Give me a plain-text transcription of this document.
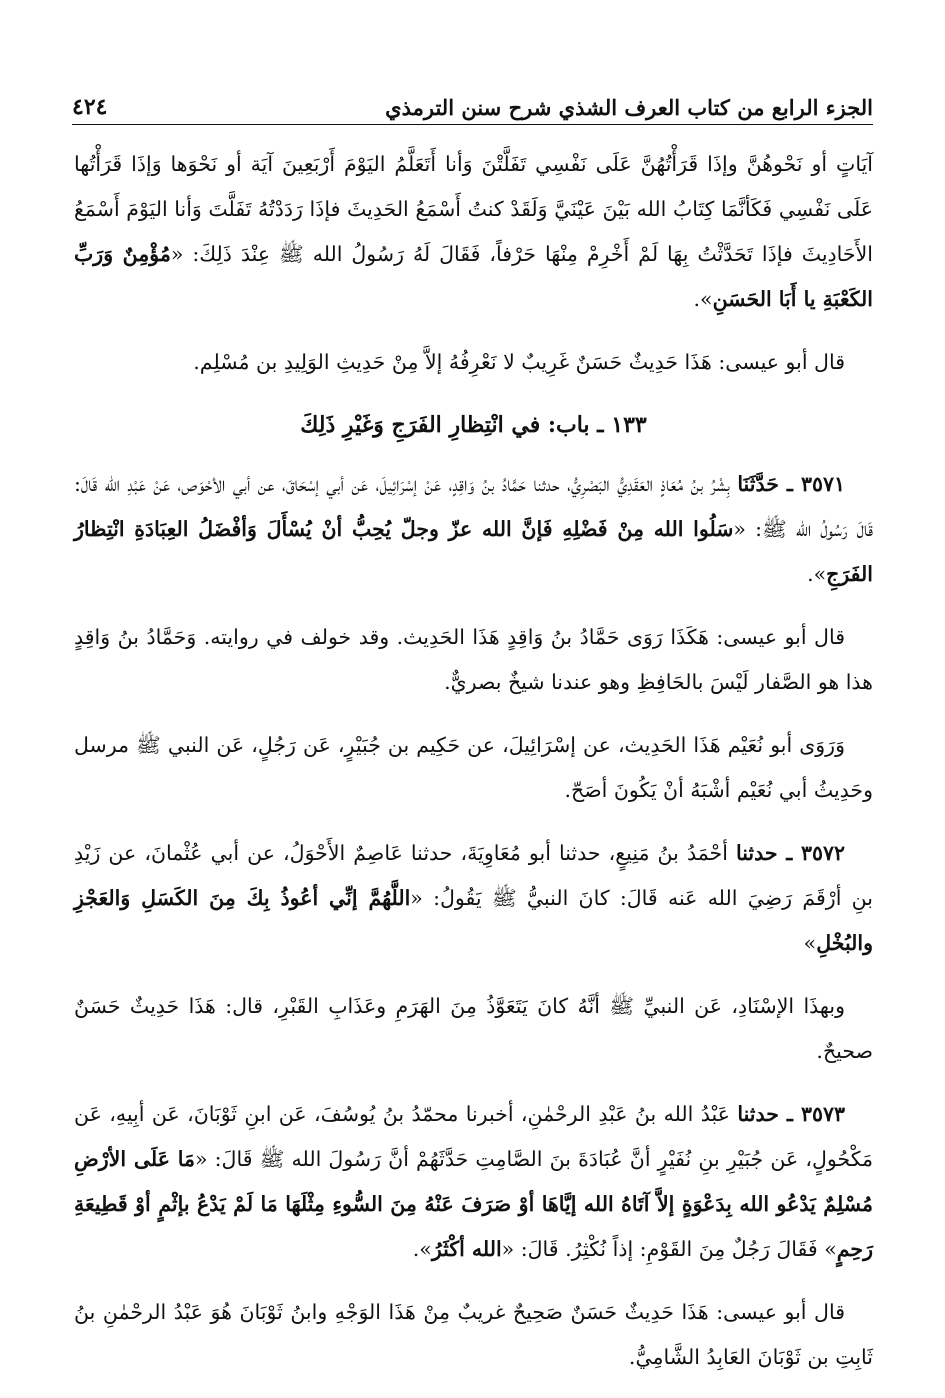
الجزء الرابع من كتاب العرف الشذي شرح سنن الترمذي
٤٢٤

آيَاتٍ أو نَحْوهُنَّ وإذَا قَرَأْتُهُنَّ عَلَى نَفْسِي تَفَلَّتْنَ وَأنا أَتَعَلَّمُ اليَوْمَ أَرْبَعِينَ آيَة أو نَحْوَها وَإذَا قَرَأْتُها عَلَى نَفْسِي فَكَأنَّمَا كِتَابُ الله بَيْنَ عَيْنَيَّ وَلَقَدْ كنتُ أَسْمَعُ الحَدِيثَ فإذَا رَدَدْتُهُ تَفَلَّتَ وَأنا اليَوْمَ أَسْمَعُ الأَحَادِيثَ فإذَا تَحَدَّثْتُ بِهَا لَمْ أَخْرِمْ مِنْهَا حَرْفاً، فَقَالَ لَهُ رَسُولُ الله ﷺ عِنْدَ ذَلِكَ: «مُؤْمِنٌ وَرَبِّ الكَعْبَةِ يا أَبَا الحَسَنِ».

قال أبو عيسى: هَذَا حَدِيثٌ حَسَنٌ غَرِيبٌ لا نَعْرِفُهُ إلاَّ مِنْ حَدِيثِ الوَلِيدِ بن مُسْلِم.

١٣٣ ـ باب: في انْتِظارِ الفَرَجِ وَغَيْرِ ذَلِكَ

٣٥٧١ ـ حَدَّثَنَا بِشْرُ بنُ مُعَاذٍ العَقَدِيُّ البَصْرِيُّ، حدثنا حَمَّادُ بنُ وَاقِدٍ، عَنْ إسْرَائِيلَ، عَن أبي إسْحَاقَ، عن أبي الأحْوَص، عَنْ عَبْدِ الله قَالَ: قَالَ رَسُولُ الله ﷺ: «سَلُوا الله مِنْ فَضْلِهِ فَإنَّ الله عزّ وجلّ يُحِبُّ أنْ يُسْأَلَ وَأفْضَلُ العِبَادَةِ انْتِظارُ الفَرَجِ».

قال أبو عيسى: هَكَذَا رَوَى حَمَّادُ بنُ وَاقِدٍ هَذَا الحَدِيث. وقد خولف في روايته. وَحَمَّادُ بنُ وَاقِدٍ هذا هو الصَّفار لَيْسَ بالحَافِظِ وهو عندنا شيخٌ بصريٌّ.

وَرَوَى أبو نُعَيْم هَذَا الحَدِيث، عن إسْرَائِيلَ، عن حَكِيم بن جُبَيْرٍ، عَن رَجُلٍ، عَن النبي ﷺ مرسل وحَدِيثُ أبي نُعَيْم أشْبَهُ أنْ يَكُونَ أصَحّ.

٣٥٧٢ ـ حدثنا أحْمَدُ بنُ مَنِيعٍ، حدثنا أبو مُعَاوِيَةَ، حدثنا عَاصِمٌ الأَحْوَلُ، عن أبي عُثْمانَ، عن زَيْدِ بنِ أرْقَمَ رَضِيَ الله عَنه قَالَ: كانَ النبيُّ ﷺ يَقُولُ: «اللَّهُمَّ إنِّي أعُوذُ بِكَ مِنَ الكَسَلِ وَالعَجْزِ والبُخْلِ»

وبهذَا الإسْنَادِ، عَن النبيِّ ﷺ أنَّهُ كانَ يَتَعَوَّذُ مِنَ الهَرَمِ وعَذَابِ القَبْرِ، قال: هَذَا حَدِيثٌ حَسَنٌ صحيحٌ.

٣٥٧٣ ـ حدثنا عَبْدُ الله بنُ عَبْدِ الرحْمٰنِ، أخبرنا محمّدُ بنُ يُوسُفَ، عَن ابنِ ثَوْبَانَ، عَن أبِيهِ، عَن مَكْحُولٍ، عَن جُبَيْرِ بنِ نُفَيْرٍ أنَّ عُبَادَةَ بنَ الصَّامِتِ حَدَّثَهُمْ أنَّ رَسُولَ الله ﷺ قَالَ: «مَا عَلَى الأرْضِ مُسْلِمٌ يَدْعُو الله بِدَعْوَةٍ إلاَّ آتَاهُ الله إيَّاهَا أوْ صَرَفَ عَنْهُ مِنَ السُّوءِ مِثْلَهَا مَا لَمْ يَدْعُ بإثْمٍ أوْ قَطِيعَةِ رَحِمٍ» فَقَالَ رَجُلٌ مِنَ القَوْمِ: إذاً نُكْثِرُ. قَالَ: «الله أكْثَرُ».

قال أبو عيسى: هَذَا حَدِيثٌ حَسَنٌ صَحِيحٌ غريبٌ مِنْ هَذَا الوَجْهِ وابنُ ثَوْبَانَ هُوَ عَبْدُ الرحْمٰنِ بنُ ثَابِتِ بن ثَوْبَانَ العَابِدُ الشَّامِيُّ.
